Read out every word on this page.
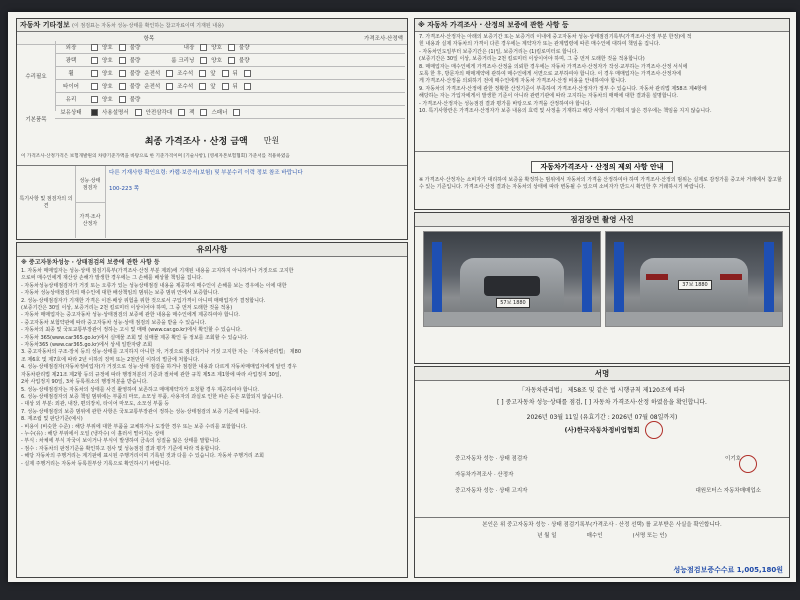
자동차 기타정보 (이 점검표는 자동차 성능·상태를 확인하는 참고자료이며 기재된 내용)
항목	가격조사·산정액
수리필요
외장	양호	불량	내장	양호	불량
광택	양호	불량	룸 크리닝	양호	불량
휠	양호	불량 운전석	조수석	앞	뒤
타이어	양호	불량 운전석	조수석	앞	뒤
유리	양호	불량
보유상태	사용설명서	안전삼각대	잭	스패너
기본품목
최종 가격조사 · 산정 금액 만원
이 가격조사·산정가격은 보험개발원의 차량기준가액을 바탕으로 한 기준가격이며 [기술사항], [영세자본보험협회] 가준서를 적용하였음
특기사항 및 점검자의 의견
성능·상태 점검자
다른 기재사항 확인요령: 카랩·보증서(보험) 및 부분수리 이력 정보 참조 바랍니다
100-223 쪽
가격·조사 산정자
유의사항
※ 중고자동차성능 · 상태점검의 보증에 관한 사항 등
1. 자동차 매매업자는 성능·상태 점검기록부(가격조사·산정 부분 제외)에 기재된 내용을 고지하지 아니하거나 거짓으로 고지한
으로써 매수인에게 재산상 손해가 발생한 경우에는 그 손해를 배상할 책임을 집니다.
- 자동차성능상태점검자가 거짓 또는 오류가 있는 성능상태점검 내용을 제공하여 매수인이 손해를 보는 경우에는 이에 대한
- 자동차 성능상태점검자의 매수인에 대한 배상책임의 범위는 보증 범위 안에서 보증합니다.
2. 성능·상태점검자가 기재한 가격은 이전·배상 위험을 위한 것으로서 구입가격이 아니며 매매업자가 결정합니다.
(보증기간은 30일 이상, 보증거리는 2천 킬로미터 이상이어야 하며, 그 중 먼저 도래한 것을 적용)
- 자동차 매매업자는 중고자동차 성능·상태점검의 보증에 관한 내용을 매수인에게 제공하여야 합니다.
- 중고자동차 보험약관에 따라 중고자동차 성능·상태 점검의 보증을 받을 수 있습니다.
- 자동차의 최종 및 국토교통부장관이 정하는 고시 및 매매 (www.car.go.kr)에서 확인할 수 있습니다.
- 자동차 365(www.car365.go.kr)에서 실매물 조회 및 실매물 제공 확인 등 정보를 조회할 수 있습니다.
- 자동차365 (www.car365.go.kr)에서 상세 일반자량 조회
3. 중고자동차의 구조·장치 등의 성능·상태를 고지하지 아니한 자, 거짓으로 점검하거나 거짓 고지한 자는 「자동차관리법」 제80
조 제6호 및 제7호에 따라 2년 이하의 징역 또는 2천만원 이하의 벌금에 처합니다.
4. 성능·상태점검자(자동차정비업자)가 거짓으로 성능·상태 점검을 하거나 점검한 내용과 다르게 자동차매매업자에게 알린 경우
자동차관리법 제21조 제2항 등의 규정에 따라 행정처분의 기준과 절차에 관한 규칙 제5조 제1항에 따라 사업정지 30일,
2차 사업정지 90일, 3차 등록취소의 행정처분을 받습니다.
5. 성능·상태점검자는 자동차의 상태를 사진 촬영하여 보존하고 매매계약자가 요청할 경우 제공하여야 합니다.
6. 성능·상태점검자의 보증 책임 범위에는 부품의 마모, 소모성 부품, 사용자의 과실로 인한 파손 등은 포함되지 않습니다.
- 대상 외 부분: 외관, 내장, 편의장치, 타이어 마모도, 소모성 부품 등
7. 성능·상태점검의 보증 범위에 관한 사항은 국토교통부장관이 정하는 성능·상태점검의 보증 기준에 따릅니다.
8. 재조립 및 판단기준(예시)
- 비용이 (비슷한 수준) : 해당 부위에 대한 부품을 교체하거나 도장한 경우 또는 보증 수리를 포함합니다.
- 누수(유) : 해당 부위에서 오일 (냉각수) 이 흘러서 떨어지는 상태
- 부식 : 차체에 부식 자국이 보이거나 부식이 발생하여 금속의 성질을 잃은 상태를 말합니다.
- 점수 : 자동차의 판정기준을 확인하고 검사 및 성능점검 결과 평가 기준에 따라 적용합니다.
- 해당 자동차의 주행거리는 계기판에 표시된 주행거리이며 기록된 것과 다를 수 있습니다. 자동차 주행거리 조회
- 실제 주행거리는 자동차 등록원부상 기록으로 확인하시기 바랍니다.
※ 자동차 가격조사 · 산정의 보증에 관한 사항 등
7. 가격조사·산정자는 아래의 보증기간 또는 보증거리 이내에 중고자동차 성능·상태점검기록부(가격조사·산정 부분 한정)에 적
힌 내용과 실제 자동차의 가격이 다른 경우에는 계약자가 또는 관계법령에 따른 매수인에 대하여 책임을 집니다.
- 자동차인도일부터 보증기간은 (1)일, 보증거리는 (1)킬로미터로 합니다.
(보증기간은 30일 이상, 보증거리는 2천 킬로미터 이상이어야 하며, 그 중 먼저 도래한 것을 적용합니다)
8. 매매업자는 매수인에게 가격조사·산정을 의뢰한 경우에는 자동차 가격조사·산정자가 작성·교부하는 가격조사·산정 서식에
도록 한 후, 방문자의 매매계약에 관하여 매수인에게 서면으로 교부하여야 합니다. 이 경우 매매업자는 가격조사·산정자에
게 가격조사·산정을 의뢰하기 전에 매수인에게 자동차 가격조사·산정 비용을 안내하여야 합니다.
9. 자동차의 가격조사·산정에 관한 정확한 산정기준이 부족하여 가격조사·산정자가 정부 수 있습니다. 자동차 관리법 제58조 제4항에
해당하는 자는 가입자에게서 발생한 기준이 아니라 관련기관에 따라 고지하는 자동차의 매매에 대한 결과를 설명합니다.
- 가격조사·산정자는 성능점검 결과 평가를 바탕으로 가격을 산정하여야 합니다.
10. 특기사항란은 가격조사·산정자가 보증 내용의 효력 및 사정을 기재하고 해당 사항이 기재되지 않은 경우에는 책임을 지지 않습니다.
자동차가격조사 · 산정의 제외 사항 안내
※ 가격조사·산정자는 소비자가 대리하여 보증을 확정하는 범위에서 자동차의 가격을 산정하여야 하며 가격조사·산정의 범위는 실제로 감정가를 중고차 거래에서 참고할 수 있는 기준입니다. 가격조사·산정 결과는 자동차의 상태에 따라 변동될 수 있으며 소비자가 반드시 확인한 후 거래하시기 바랍니다.
점검장면 촬영 사진
57보 1880
37보 1880
서명
「자동차관리법」 제58조 및 같은 법 시행규칙 제120조에 따라
[ ] 중고자동차 성능·상태를 점검, [ ] 자동차 가격조사·산정 하였음을 확인합니다.
2026년 03월 11일 (유효기간 : 2026년 07월 08일까지)
(사)한국자동차정비업협회
중고자동차 성능 · 상태 점검자	이기호
자동차가격조사 · 산정자
중고자동차 성능 · 상태 고지자	대원모터스 자동차매매업소
본인은 위 중고자동차 성능 · 상태 점검기록부(가격조사 · 산정 선택) 를 교부받은 사실을 확인합니다.
년 월 일	매수인	(서명 또는 인)
성능점검보증수수료 1,005,180원
